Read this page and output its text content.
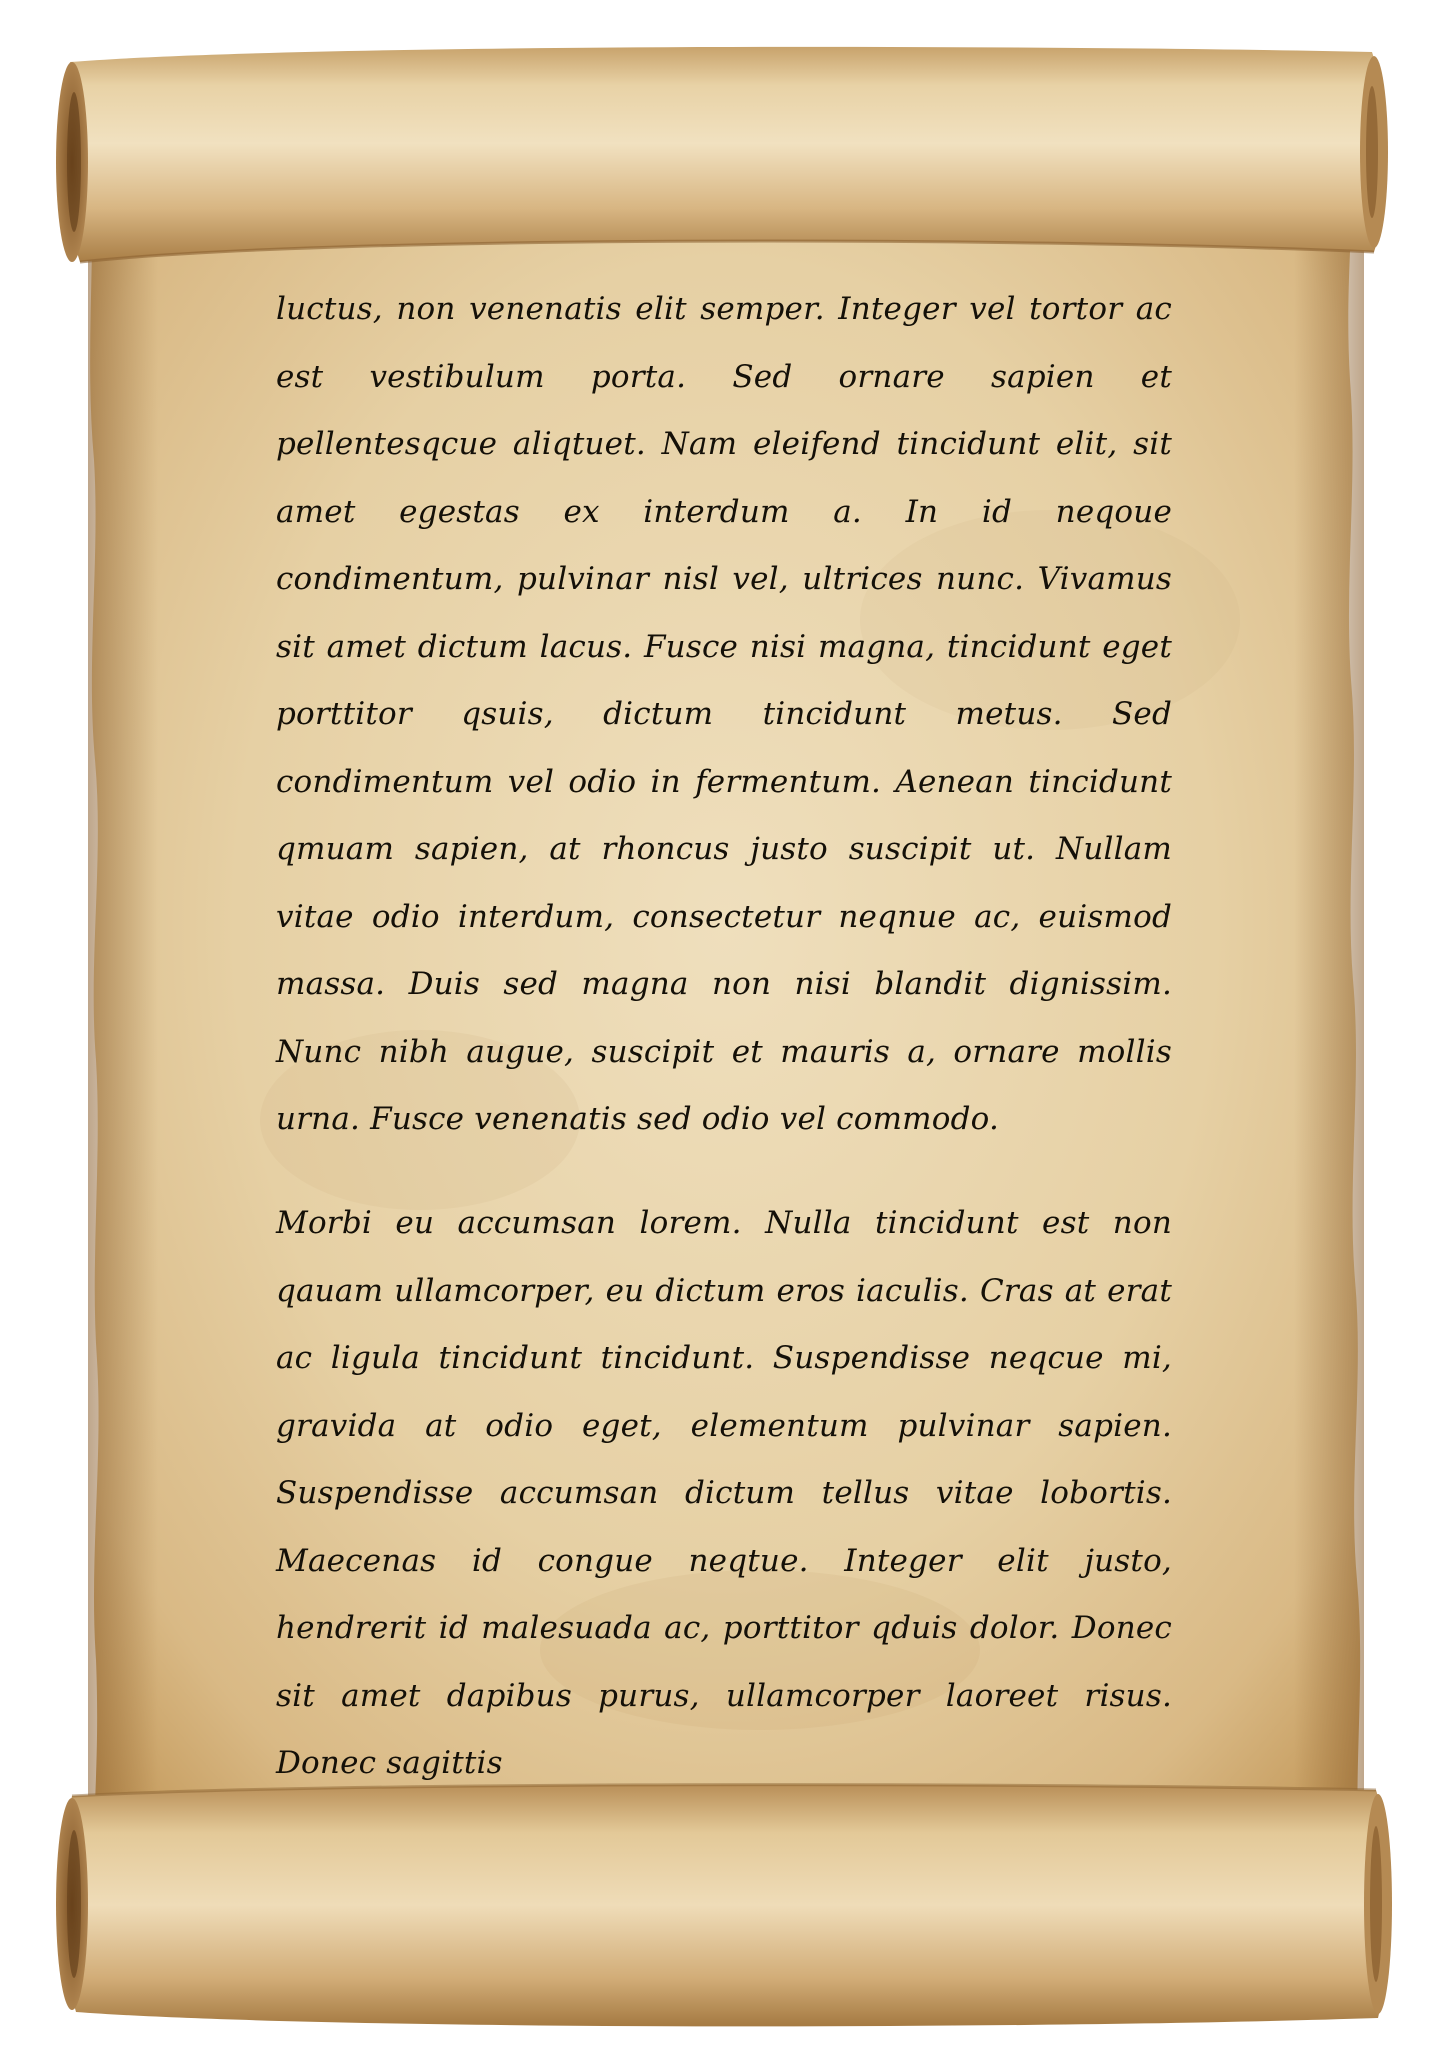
luctus, non venenatis elit semper. Integer vel tortor ac est vestibulum porta. Sed ornare sapien et pellentesqcue aliqtuet. Nam eleifend tincidunt elit, sit amet egestas ex interdum a. In id neqoue condimentum, pulvinar nisl vel, ultrices nunc. Vivamus sit amet dictum lacus. Fusce nisi magna, tincidunt eget porttitor qsuis, dictum tincidunt metus. Sed condimentum vel odio in fermentum. Aenean tincidunt qmuam sapien, at rhoncus justo suscipit ut. Nullam vitae odio interdum, consectetur neqnue ac, euismod massa. Duis sed magna non nisi blandit dignissim. Nunc nibh augue, suscipit et mauris a, ornare mollis urna. Fusce venenatis sed odio vel commodo.
Morbi eu accumsan lorem. Nulla tincidunt est non qauam ullamcorper, eu dictum eros iaculis. Cras at erat ac ligula tincidunt tincidunt. Suspendisse neqcue mi, gravida at odio eget, elementum pulvinar sapien. Suspendisse accumsan dictum tellus vitae lobortis. Maecenas id congue neqtue. Integer elit justo, hendrerit id malesuada ac, porttitor qduis dolor. Donec sit amet dapibus purus, ullamcorper laoreet risus. Donec sagittis
